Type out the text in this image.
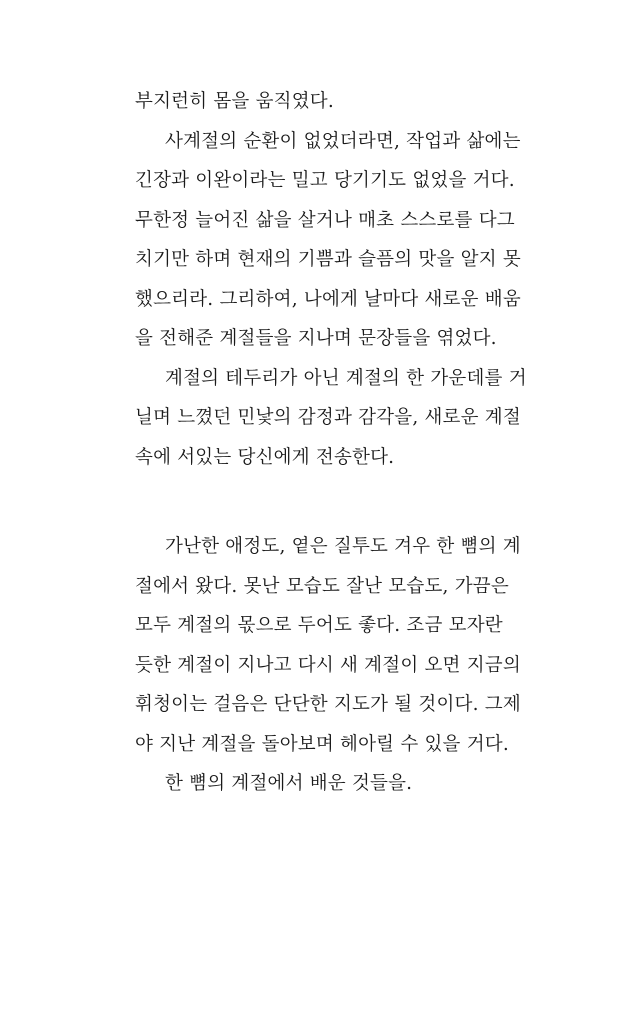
부지런히 몸을 움직였다.
사계절의 순환이 없었더라면, 작업과 삶에는
긴장과 이완이라는 밀고 당기기도 없었을 거다.
무한정 늘어진 삶을 살거나 매초 스스로를 다그
치기만 하며 현재의 기쁨과 슬픔의 맛을 알지 못
했으리라. 그리하여, 나에게 날마다 새로운 배움
을 전해준 계절들을 지나며 문장들을 엮었다.
계절의 테두리가 아닌 계절의 한 가운데를 거
닐며 느꼈던 민낯의 감정과 감각을, 새로운 계절
속에 서있는 당신에게 전송한다.
가난한 애정도, 옅은 질투도 겨우 한 뼘의 계
절에서 왔다. 못난 모습도 잘난 모습도, 가끔은
모두 계절의 몫으로 두어도 좋다. 조금 모자란
듯한 계절이 지나고 다시 새 계절이 오면 지금의
휘청이는 걸음은 단단한 지도가 될 것이다. 그제
야 지난 계절을 돌아보며 헤아릴 수 있을 거다.
한 뼘의 계절에서 배운 것들을.
